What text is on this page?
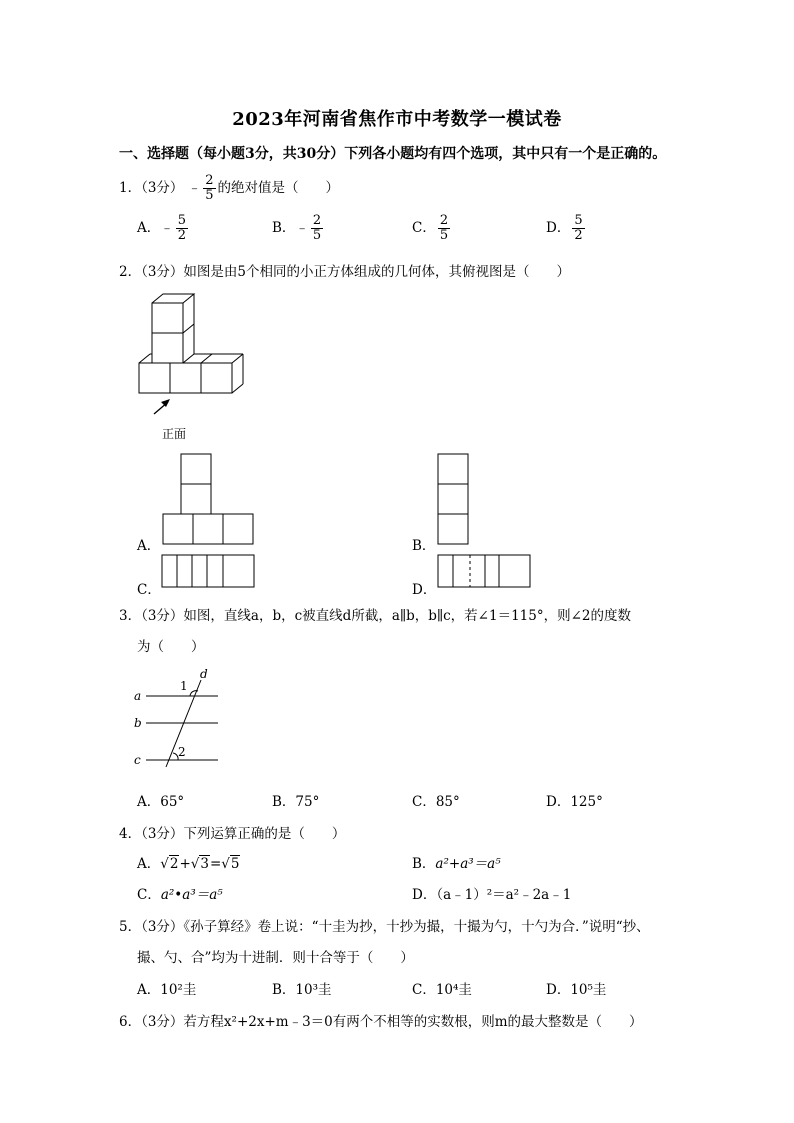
2023年河南省焦作市中考数学一模试卷
一、选择题（每小题3分，共30分）下列各小题均有四个选项，其中只有一个是正确的。
1．（3分） ﹣ $\frac{2}{5}$ 的绝对值是（　　）
A．﹣ $\frac{5}{2}$	B．﹣ $\frac{2}{5}$	C． $\frac{2}{5}$	D． $\frac{5}{2}$
2．（3分）如图是由5个相同的小正方体组成的几何体，其俯视图是（　　）
正面
A．	B．
C．	D．
3．（3分）如图，直线a，b，c被直线d所截，a∥b，b∥c，若∠1＝115°，则∠2的度数
为（　　）
a
b
c
d
1
2
A．65°	B．75°	C．85°	D．125°
4．（3分）下列运算正确的是（　　）
A．√2+√3=√5	B．a²+a³＝a⁵
C．a²•a³＝a⁵	D．（a﹣1）²＝a²﹣2a﹣1
5．（3分）《孙子算经》卷上说：“十圭为抄，十抄为撮，十撮为勺，十勺为合．”说明“抄、
撮、勺、合”均为十进制．则十合等于（　　）
A．10²圭	B．10³圭	C．10⁴圭	D．10⁵圭
6．（3分）若方程x²+2x+m﹣3＝0有两个不相等的实数根，则m的最大整数是（　　）
